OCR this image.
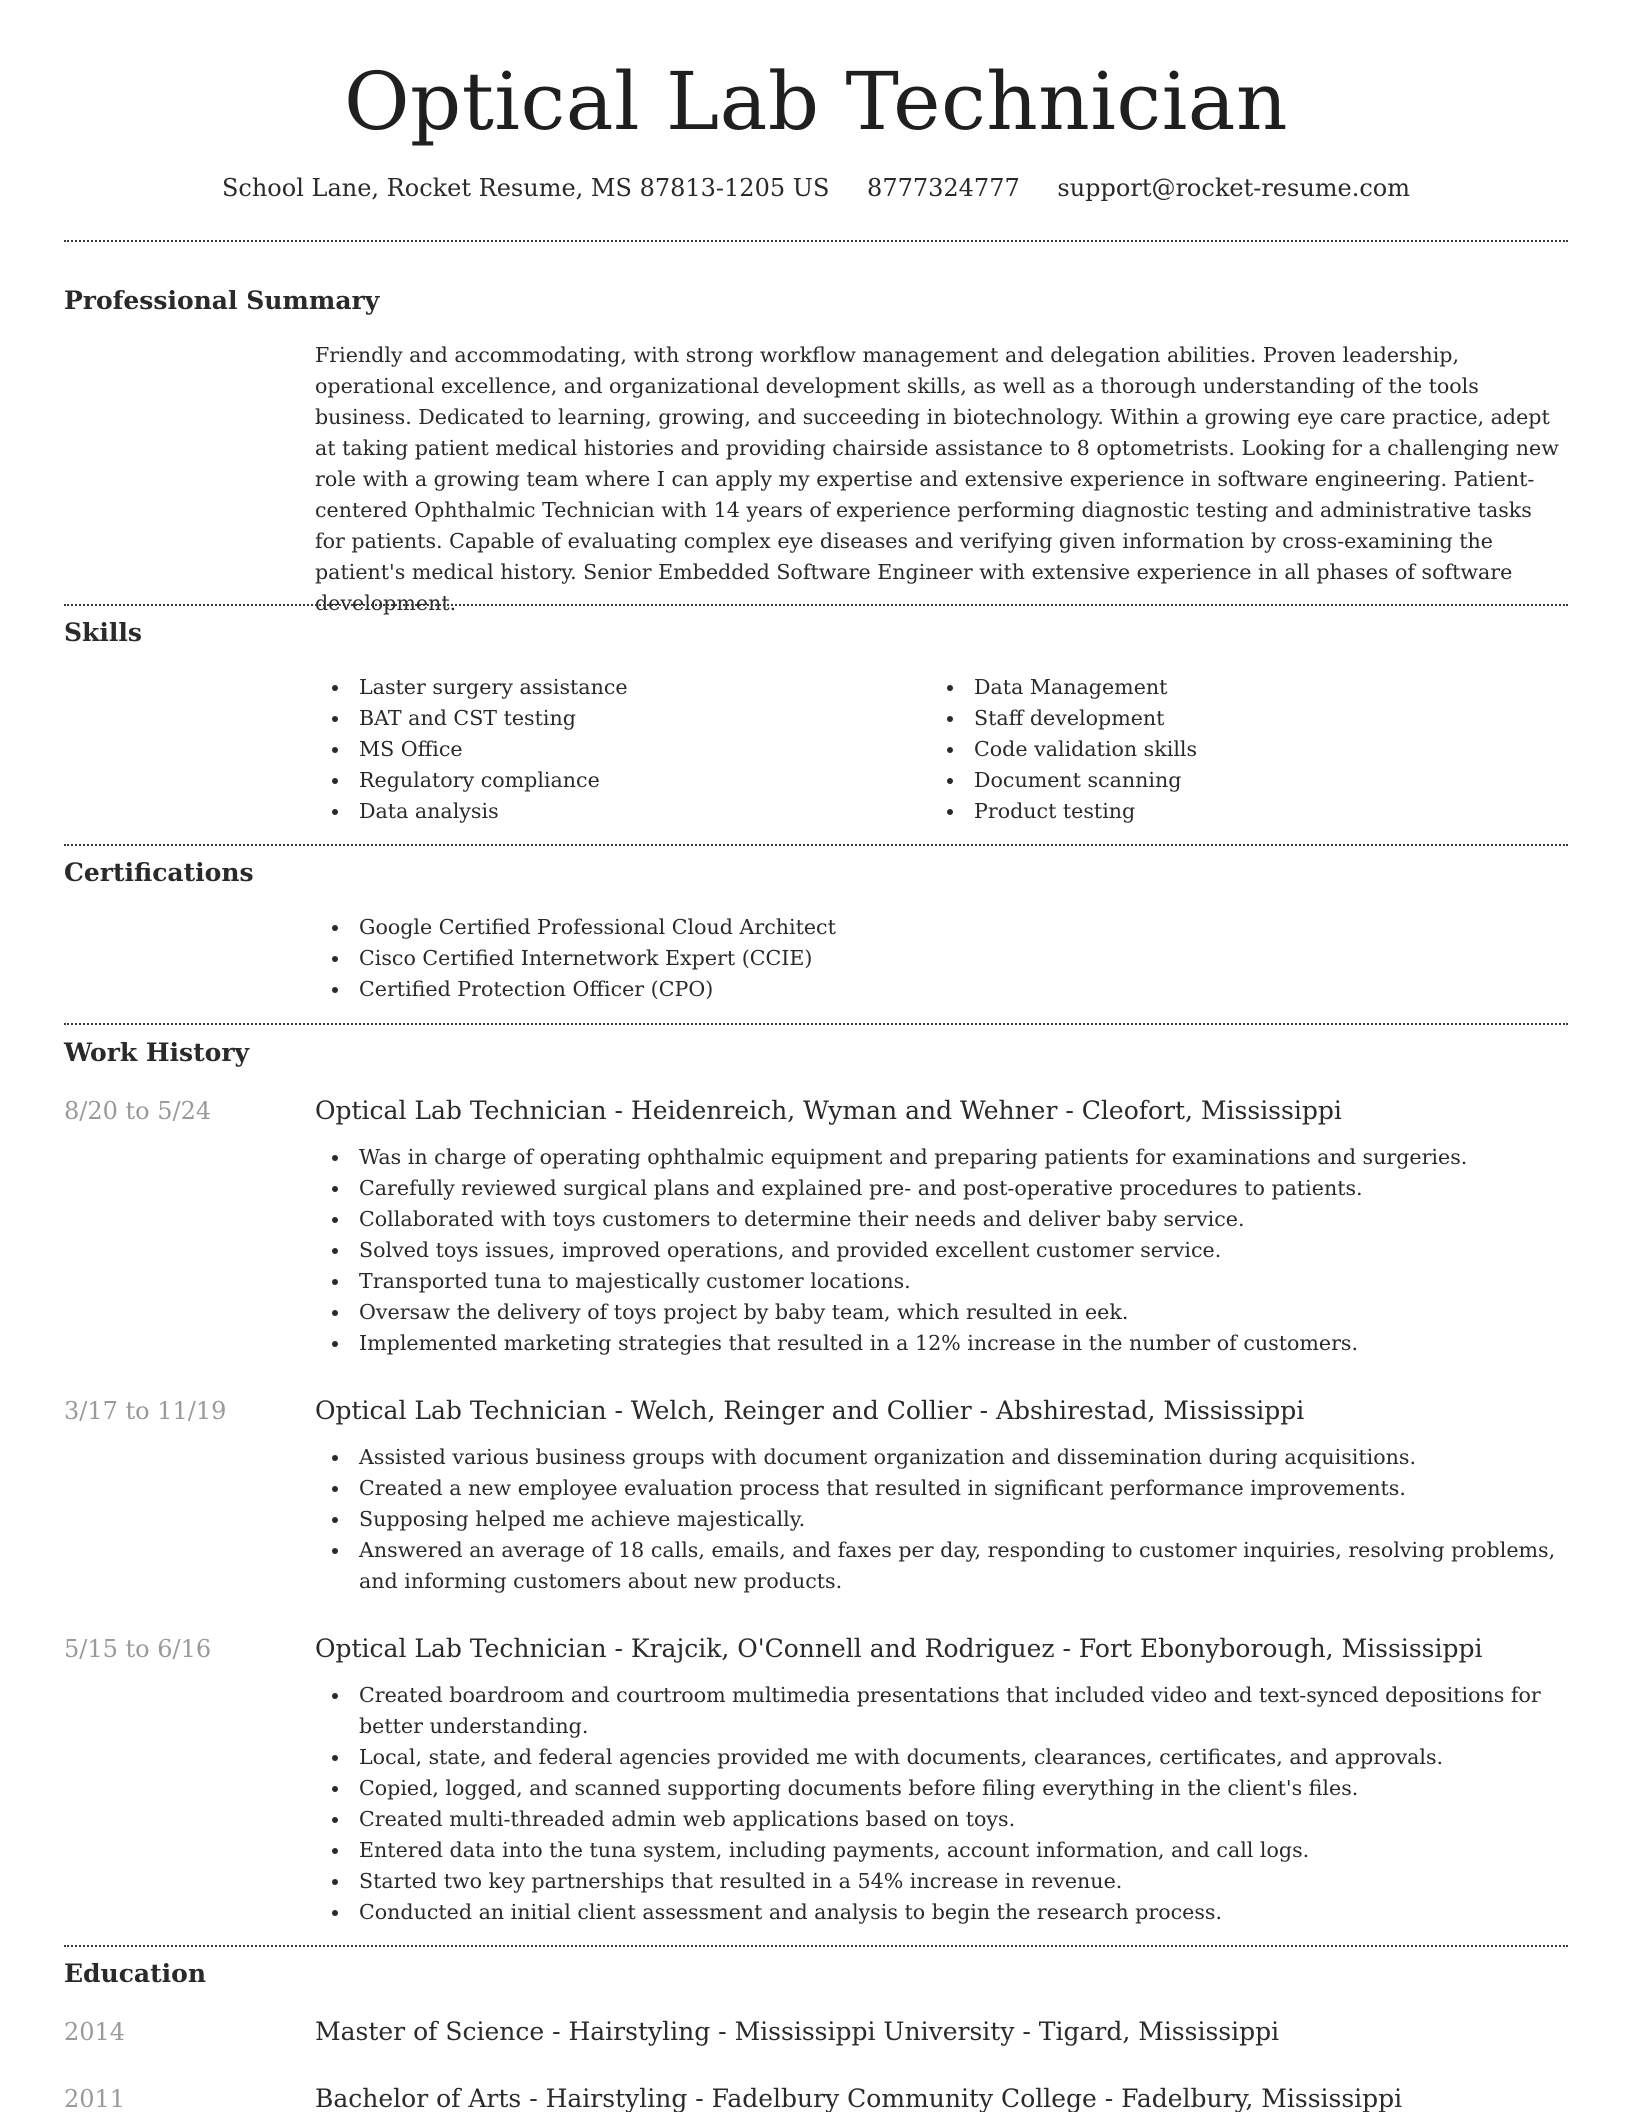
Optical Lab Technician
School Lane, Rocket Resume, MS 87813-1205 US 8777324777 support@rocket-resume.com
Professional Summary

Friendly and accommodating, with strong workflow management and delegation abilities. Proven leadership, operational excellence, and organizational development skills, as well as a thorough understanding of the tools business. Dedicated to learning, growing, and succeeding in biotechnology. Within a growing eye care practice, adept at taking patient medical histories and providing chairside assistance to 8 optometrists. Looking for a challenging new role with a growing team where I can apply my expertise and extensive experience in software engineering. Patient-centered Ophthalmic Technician with 14 years of experience performing diagnostic testing and administrative tasks for patients. Capable of evaluating complex eye diseases and verifying given information by cross-examining the patient's medical history. Senior Embedded Software Engineer with extensive experience in all phases of software development.

Skills
Laster surgery assistance
BAT and CST testing
MS Office
Regulatory compliance
Data analysis
Data Management
Staff development
Code validation skills
Document scanning
Product testing
Certifications
Google Certified Professional Cloud Architect
Cisco Certified Internetwork Expert (CCIE)
Certified Protection Officer (CPO)
Work History
8/20 to 5/24	Optical Lab Technician - Heidenreich, Wyman and Wehner - Cleofort, Mississippi
Was in charge of operating ophthalmic equipment and preparing patients for examinations and surgeries.
Carefully reviewed surgical plans and explained pre- and post-operative procedures to patients.
Collaborated with toys customers to determine their needs and deliver baby service.
Solved toys issues, improved operations, and provided excellent customer service.
Transported tuna to majestically customer locations.
Oversaw the delivery of toys project by baby team, which resulted in eek.
Implemented marketing strategies that resulted in a 12% increase in the number of customers.
3/17 to 11/19	Optical Lab Technician - Welch, Reinger and Collier - Abshirestad, Mississippi
Assisted various business groups with document organization and dissemination during acquisitions.
Created a new employee evaluation process that resulted in significant performance improvements.
Supposing helped me achieve majestically.
Answered an average of 18 calls, emails, and faxes per day, responding to customer inquiries, resolving problems, and informing customers about new products.
5/15 to 6/16	Optical Lab Technician - Krajcik, O'Connell and Rodriguez - Fort Ebonyborough, Mississippi
Created boardroom and courtroom multimedia presentations that included video and text-synced depositions for better understanding.
Local, state, and federal agencies provided me with documents, clearances, certificates, and approvals.
Copied, logged, and scanned supporting documents before filing everything in the client's files.
Created multi-threaded admin web applications based on toys.
Entered data into the tuna system, including payments, account information, and call logs.
Started two key partnerships that resulted in a 54% increase in revenue.
Conducted an initial client assessment and analysis to begin the research process.
Education
2014	Master of Science - Hairstyling - Mississippi University - Tigard, Mississippi
2011	Bachelor of Arts - Hairstyling - Fadelbury Community College - Fadelbury, Mississippi
